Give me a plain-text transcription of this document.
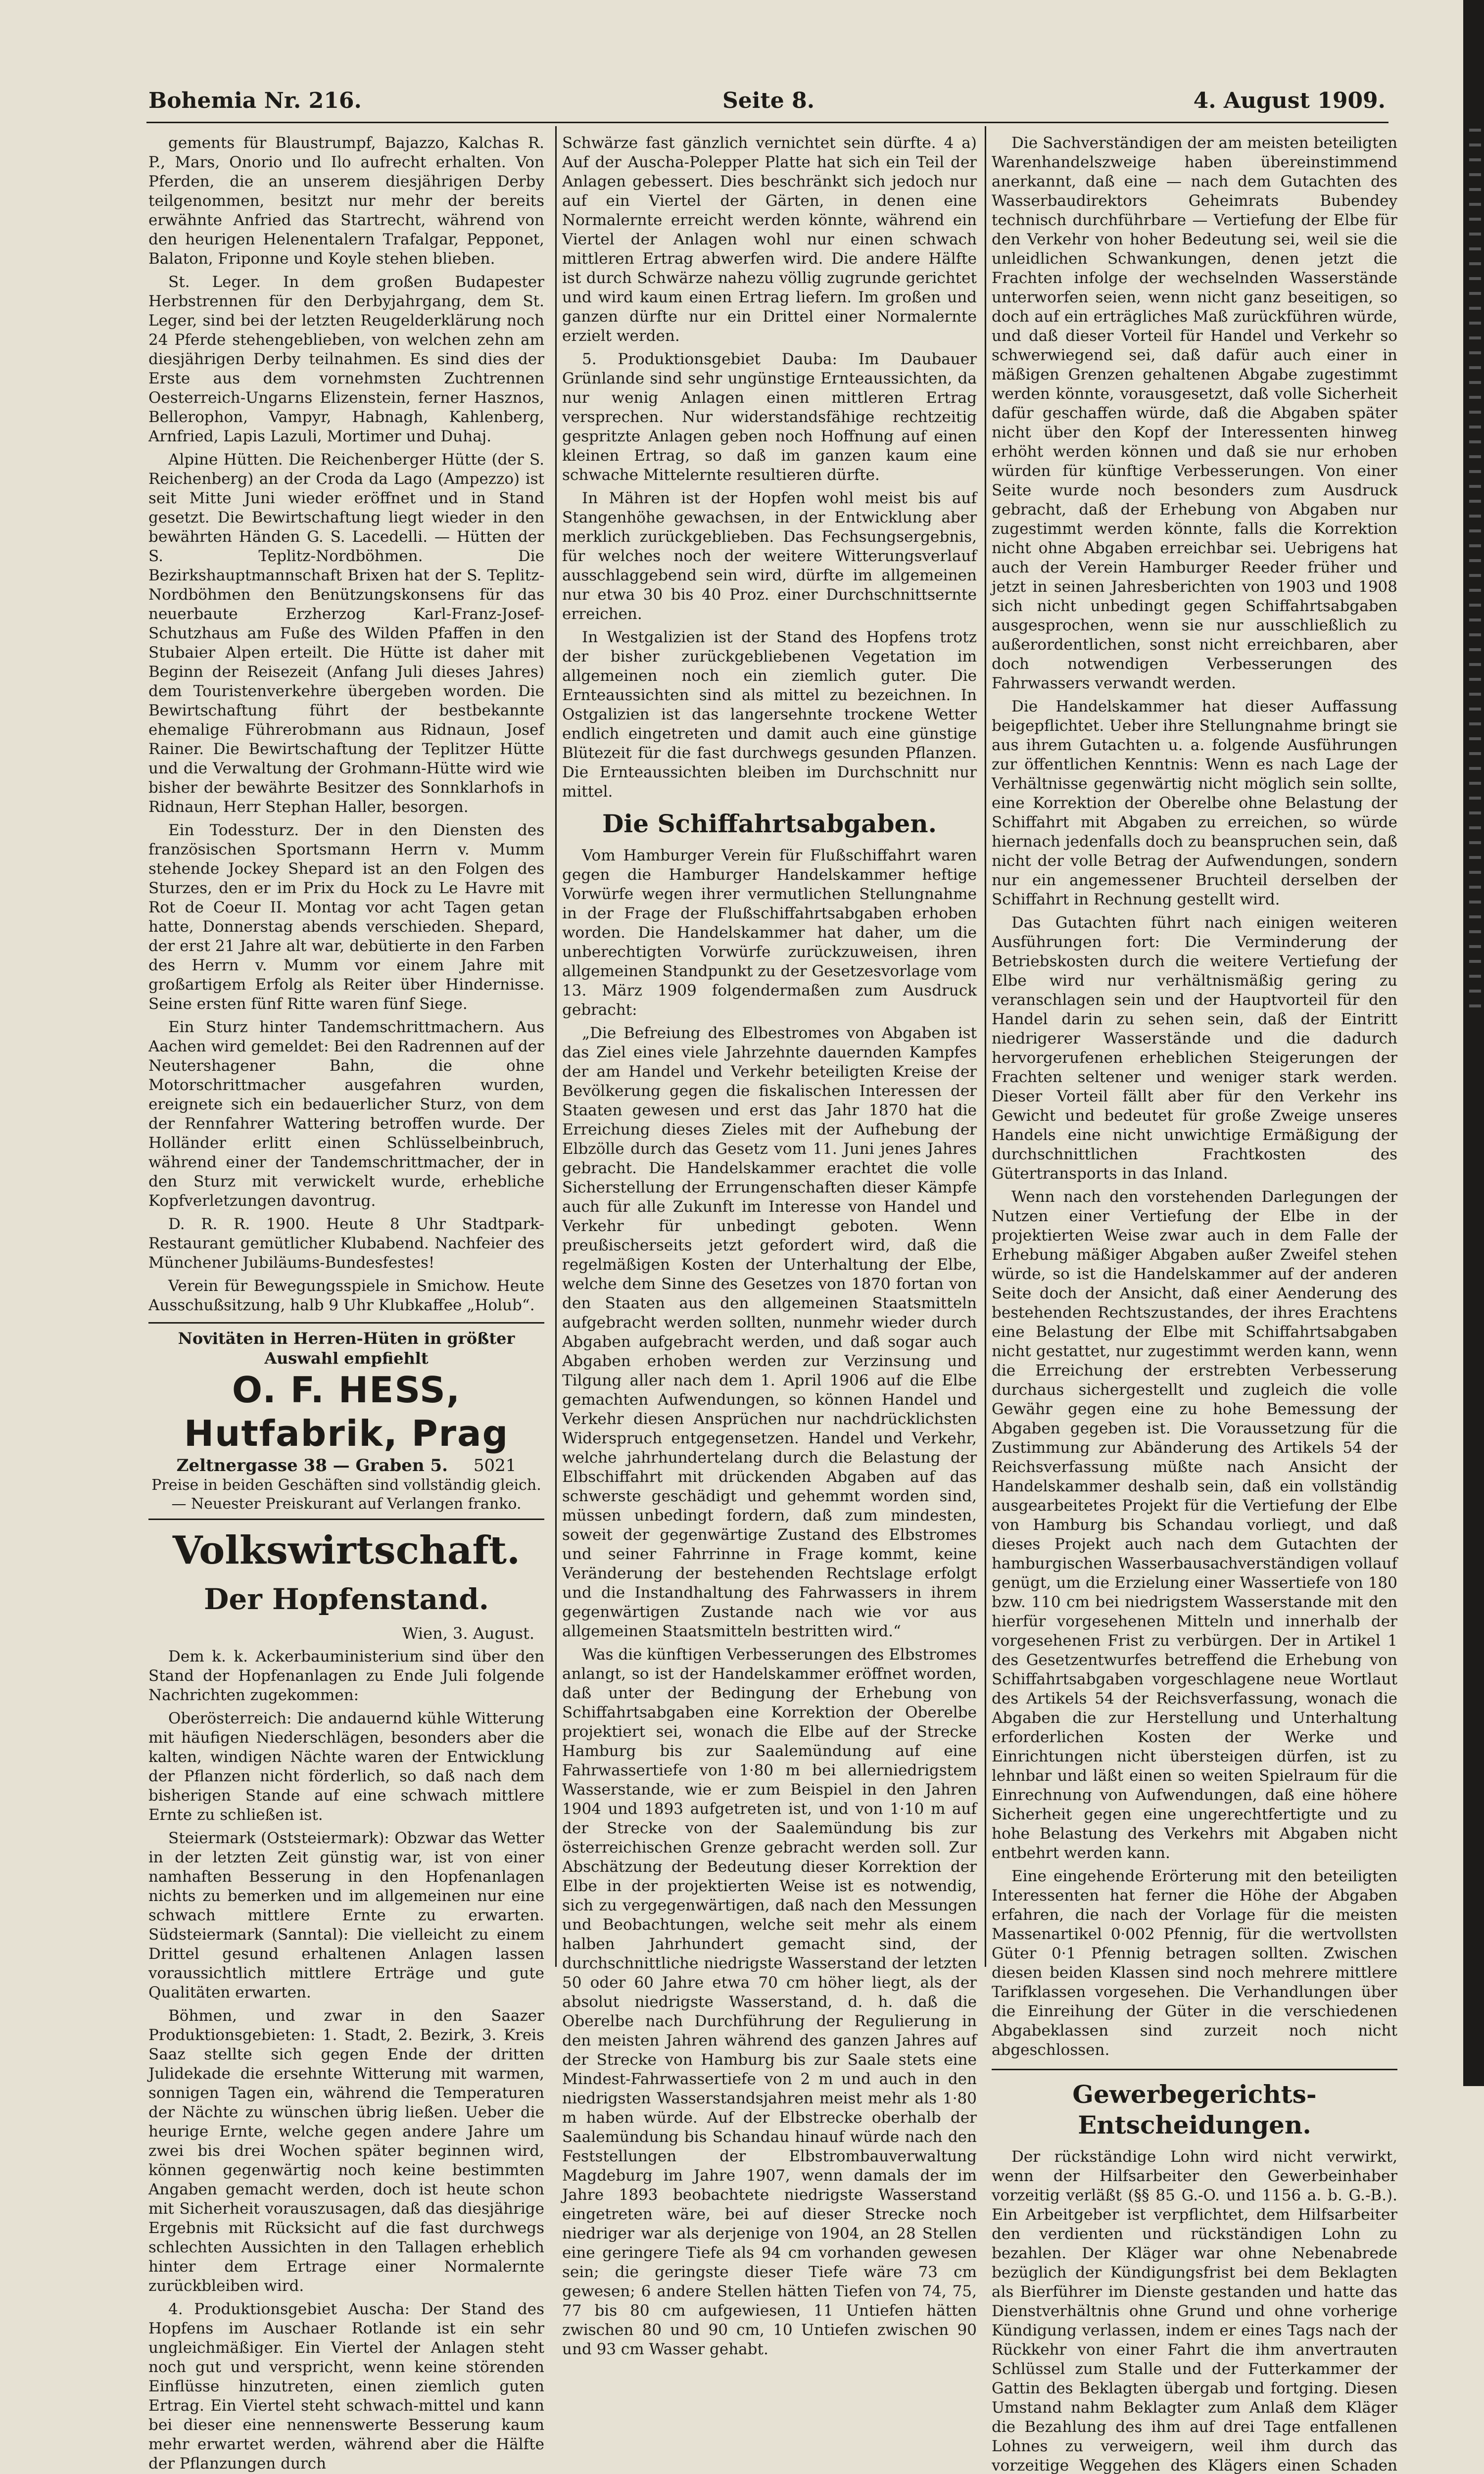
Bohemia Nr. 216.	Seite 8.	4. August 1909.

gements für Blaustrumpf, Bajazzo, Kalchas R. P., Mars, Onorio und Ilo aufrecht erhalten. Von Pferden, die an unserem diesjährigen Derby teilgenommen, besitzt nur mehr der bereits erwähnte Anfried das Startrecht, während von den heurigen Helenentalern Trafalgar, Pepponet, Balaton, Friponne und Koyle stehen blieben.

St. Leger. In dem großen Budapester Herbstrennen für den Derbyjahrgang, dem St. Leger, sind bei der letzten Reugelderklärung noch 24 Pferde stehengeblieben, von welchen zehn am diesjährigen Derby teilnahmen. Es sind dies der Erste aus dem vornehmsten Zuchtrennen Oesterreich-Ungarns Elizenstein, ferner Hasznos, Bellerophon, Vampyr, Habnagh, Kahlenberg, Arnfried, Lapis Lazuli, Mortimer und Duhaj.

Alpine Hütten. Die Reichenberger Hütte (der S. Reichenberg) an der Croda da Lago (Ampezzo) ist seit Mitte Juni wieder eröffnet und in Stand gesetzt. Die Bewirtschaftung liegt wieder in den bewährten Händen G. S. Lacedelli. — Hütten der S. Teplitz-Nordböhmen. Die Bezirkshauptmannschaft Brixen hat der S. Teplitz-Nordböhmen den Benützungskonsens für das neuerbaute Erzherzog Karl-Franz-Josef-Schutzhaus am Fuße des Wilden Pfaffen in den Stubaier Alpen erteilt. Die Hütte ist daher mit Beginn der Reisezeit (Anfang Juli dieses Jahres) dem Touristenverkehre übergeben worden. Die Bewirtschaftung führt der bestbekannte ehemalige Führerobmann aus Ridnaun, Josef Rainer. Die Bewirtschaftung der Teplitzer Hütte und die Verwaltung der Grohmann-Hütte wird wie bisher der bewährte Besitzer des Sonnklarhofs in Ridnaun, Herr Stephan Haller, besorgen.

Ein Todessturz. Der in den Diensten des französischen Sportsmann Herrn v. Mumm stehende Jockey Shepard ist an den Folgen des Sturzes, den er im Prix du Hock zu Le Havre mit Rot de Coeur II. Montag vor acht Tagen getan hatte, Donnerstag abends verschieden. Shepard, der erst 21 Jahre alt war, debütierte in den Farben des Herrn v. Mumm vor einem Jahre mit großartigem Erfolg als Reiter über Hindernisse. Seine ersten fünf Ritte waren fünf Siege.

Ein Sturz hinter Tandemschrittmachern. Aus Aachen wird gemeldet: Bei den Radrennen auf der Neutershagener Bahn, die ohne Motorschrittmacher ausgefahren wurden, ereignete sich ein bedauerlicher Sturz, von dem der Rennfahrer Wattering betroffen wurde. Der Holländer erlitt einen Schlüsselbeinbruch, während einer der Tandemschrittmacher, der in den Sturz mit verwickelt wurde, erhebliche Kopfverletzungen davontrug.

D. R. R. 1900. Heute 8 Uhr Stadtpark-Restaurant gemütlicher Klubabend. Nachfeier des Münchener Jubiläums-Bundesfestes!

Verein für Bewegungsspiele in Smichow. Heute Ausschußsitzung, halb 9 Uhr Klubkaffee „Holub“.

Novitäten in Herren-Hüten in größter Auswahl empfiehlt
O. F. HESS, Hutfabrik, Prag
Zeltnergasse 38 — Graben 5. 5021
Preise in beiden Geschäften sind vollständig gleich. — Neuester Preiskurant auf Verlangen franko.
Volkswirtschaft.
Der Hopfenstand.
Wien, 3. August.

Dem k. k. Ackerbauministerium sind über den Stand der Hopfenanlagen zu Ende Juli folgende Nachrichten zugekommen:

Oberösterreich: Die andauernd kühle Witterung mit häufigen Niederschlägen, besonders aber die kalten, windigen Nächte waren der Entwicklung der Pflanzen nicht förderlich, so daß nach dem bisherigen Stande auf eine schwach mittlere Ernte zu schließen ist.

Steiermark (Oststeiermark): Obzwar das Wetter in der letzten Zeit günstig war, ist von einer namhaften Besserung in den Hopfenanlagen nichts zu bemerken und im allgemeinen nur eine schwach mittlere Ernte zu erwarten. Südsteiermark (Sanntal): Die vielleicht zu einem Drittel gesund erhaltenen Anlagen lassen voraussichtlich mittlere Erträge und gute Qualitäten erwarten.

Böhmen, und zwar in den Saazer Produktionsgebieten: 1. Stadt, 2. Bezirk, 3. Kreis Saaz stellte sich gegen Ende der dritten Julidekade die ersehnte Witterung mit warmen, sonnigen Tagen ein, während die Temperaturen der Nächte zu wünschen übrig ließen. Ueber die heurige Ernte, welche gegen andere Jahre um zwei bis drei Wochen später beginnen wird, können gegenwärtig noch keine bestimmten Angaben gemacht werden, doch ist heute schon mit Sicherheit vorauszusagen, daß das diesjährige Ergebnis mit Rücksicht auf die fast durchwegs schlechten Aussichten in den Tallagen erheblich hinter dem Ertrage einer Normalernte zurückbleiben wird.

4. Produktionsgebiet Auscha: Der Stand des Hopfens im Auschaer Rotlande ist ein sehr ungleichmäßiger. Ein Viertel der Anlagen steht noch gut und verspricht, wenn keine störenden Einflüsse hinzutreten, einen ziemlich guten Ertrag. Ein Viertel steht schwach-mittel und kann bei dieser eine nennenswerte Besserung kaum mehr erwartet werden, während aber die Hälfte der Pflanzungen durch

Schwärze fast gänzlich vernichtet sein dürfte. 4 a) Auf der Auscha-Polepper Platte hat sich ein Teil der Anlagen gebessert. Dies beschränkt sich jedoch nur auf ein Viertel der Gärten, in denen eine Normalernte erreicht werden könnte, während ein Viertel der Anlagen wohl nur einen schwach mittleren Ertrag abwerfen wird. Die andere Hälfte ist durch Schwärze nahezu völlig zugrunde gerichtet und wird kaum einen Ertrag liefern. Im großen und ganzen dürfte nur ein Drittel einer Normalernte erzielt werden.

5. Produktionsgebiet Dauba: Im Daubauer Grünlande sind sehr ungünstige Ernteaussichten, da nur wenig Anlagen einen mittleren Ertrag versprechen. Nur widerstandsfähige rechtzeitig gespritzte Anlagen geben noch Hoffnung auf einen kleinen Ertrag, so daß im ganzen kaum eine schwache Mittelernte resultieren dürfte.

In Mähren ist der Hopfen wohl meist bis auf Stangenhöhe gewachsen, in der Entwicklung aber merklich zurückgeblieben. Das Fechsungsergebnis, für welches noch der weitere Witterungsverlauf ausschlaggebend sein wird, dürfte im allgemeinen nur etwa 30 bis 40 Proz. einer Durchschnittsernte erreichen.

In Westgalizien ist der Stand des Hopfens trotz der bisher zurückgebliebenen Vegetation im allgemeinen noch ein ziemlich guter. Die Ernteaussichten sind als mittel zu bezeichnen. In Ostgalizien ist das langersehnte trockene Wetter endlich eingetreten und damit auch eine günstige Blütezeit für die fast durchwegs gesunden Pflanzen. Die Ernteaussichten bleiben im Durchschnitt nur mittel.

Die Schiffahrtsabgaben.

Vom Hamburger Verein für Flußschiffahrt waren gegen die Hamburger Handelskammer heftige Vorwürfe wegen ihrer vermutlichen Stellungnahme in der Frage der Flußschiffahrtsabgaben erhoben worden. Die Handelskammer hat daher, um die unberechtigten Vorwürfe zurückzuweisen, ihren allgemeinen Standpunkt zu der Gesetzesvorlage vom 13. März 1909 folgendermaßen zum Ausdruck gebracht:

„Die Befreiung des Elbestromes von Abgaben ist das Ziel eines viele Jahrzehnte dauernden Kampfes der am Handel und Verkehr beteiligten Kreise der Bevölkerung gegen die fiskalischen Interessen der Staaten gewesen und erst das Jahr 1870 hat die Erreichung dieses Zieles mit der Aufhebung der Elbzölle durch das Gesetz vom 11. Juni jenes Jahres gebracht. Die Handelskammer erachtet die volle Sicherstellung der Errungenschaften dieser Kämpfe auch für alle Zukunft im Interesse von Handel und Verkehr für unbedingt geboten. Wenn preußischerseits jetzt gefordert wird, daß die regelmäßigen Kosten der Unterhaltung der Elbe, welche dem Sinne des Gesetzes von 1870 fortan von den Staaten aus den allgemeinen Staatsmitteln aufgebracht werden sollten, nunmehr wieder durch Abgaben aufgebracht werden, und daß sogar auch Abgaben erhoben werden zur Verzinsung und Tilgung aller nach dem 1. April 1906 auf die Elbe gemachten Aufwendungen, so können Handel und Verkehr diesen Ansprüchen nur nachdrücklichsten Widerspruch entgegensetzen. Handel und Verkehr, welche jahrhundertelang durch die Belastung der Elbschiffahrt mit drückenden Abgaben auf das schwerste geschädigt und gehemmt worden sind, müssen unbedingt fordern, daß zum mindesten, soweit der gegenwärtige Zustand des Elbstromes und seiner Fahrrinne in Frage kommt, keine Veränderung der bestehenden Rechtslage erfolgt und die Instandhaltung des Fahrwassers in ihrem gegenwärtigen Zustande nach wie vor aus allgemeinen Staatsmitteln bestritten wird.“

Was die künftigen Verbesserungen des Elbstromes anlangt, so ist der Handelskammer eröffnet worden, daß unter der Bedingung der Erhebung von Schiffahrtsabgaben eine Korrektion der Oberelbe projektiert sei, wonach die Elbe auf der Strecke Hamburg bis zur Saalemündung auf eine Fahrwassertiefe von 1·80 m bei allerniedrigstem Wasserstande, wie er zum Beispiel in den Jahren 1904 und 1893 aufgetreten ist, und von 1·10 m auf der Strecke von der Saalemündung bis zur österreichischen Grenze gebracht werden soll. Zur Abschätzung der Bedeutung dieser Korrektion der Elbe in der projektierten Weise ist es notwendig, sich zu vergegenwärtigen, daß nach den Messungen und Beobachtungen, welche seit mehr als einem halben Jahrhundert gemacht sind, der durchschnittliche niedrigste Wasserstand der letzten 50 oder 60 Jahre etwa 70 cm höher liegt, als der absolut niedrigste Wasserstand, d. h. daß die Oberelbe nach Durchführung der Regulierung in den meisten Jahren während des ganzen Jahres auf der Strecke von Hamburg bis zur Saale stets eine Mindest-Fahrwassertiefe von 2 m und auch in den niedrigsten Wasserstandsjahren meist mehr als 1·80 m haben würde. Auf der Elbstrecke oberhalb der Saalemündung bis Schandau hinauf würde nach den Feststellungen der Elbstrombauverwaltung Magdeburg im Jahre 1907, wenn damals der im Jahre 1893 beobachtete niedrigste Wasserstand eingetreten wäre, bei auf dieser Strecke noch niedriger war als derjenige von 1904, an 28 Stellen eine geringere Tiefe als 94 cm vorhanden gewesen sein; die geringste dieser Tiefe wäre 73 cm gewesen; 6 andere Stellen hätten Tiefen von 74, 75, 77 bis 80 cm aufgewiesen, 11 Untiefen hätten zwischen 80 und 90 cm, 10 Untiefen zwischen 90 und 93 cm Wasser gehabt.

Die Sachverständigen der am meisten beteiligten Warenhandelszweige haben übereinstimmend anerkannt, daß eine — nach dem Gutachten des Wasserbaudirektors Geheimrats Bubendey technisch durchführbare — Vertiefung der Elbe für den Verkehr von hoher Bedeutung sei, weil sie die unleidlichen Schwankungen, denen jetzt die Frachten infolge der wechselnden Wasserstände unterworfen seien, wenn nicht ganz beseitigen, so doch auf ein erträgliches Maß zurückführen würde, und daß dieser Vorteil für Handel und Verkehr so schwerwiegend sei, daß dafür auch einer in mäßigen Grenzen gehaltenen Abgabe zugestimmt werden könnte, vorausgesetzt, daß volle Sicherheit dafür geschaffen würde, daß die Abgaben später nicht über den Kopf der Interessenten hinweg erhöht werden können und daß sie nur erhoben würden für künftige Verbesserungen. Von einer Seite wurde noch besonders zum Ausdruck gebracht, daß der Erhebung von Abgaben nur zugestimmt werden könnte, falls die Korrektion nicht ohne Abgaben erreichbar sei. Uebrigens hat auch der Verein Hamburger Reeder früher und jetzt in seinen Jahresberichten von 1903 und 1908 sich nicht unbedingt gegen Schiffahrtsabgaben ausgesprochen, wenn sie nur ausschließlich zu außerordentlichen, sonst nicht erreichbaren, aber doch notwendigen Verbesserungen des Fahrwassers verwandt werden.

Die Handelskammer hat dieser Auffassung beigepflichtet. Ueber ihre Stellungnahme bringt sie aus ihrem Gutachten u. a. folgende Ausführungen zur öffentlichen Kenntnis: Wenn es nach Lage der Verhältnisse gegenwärtig nicht möglich sein sollte, eine Korrektion der Oberelbe ohne Belastung der Schiffahrt mit Abgaben zu erreichen, so würde hiernach jedenfalls doch zu beanspruchen sein, daß nicht der volle Betrag der Aufwendungen, sondern nur ein angemessener Bruchteil derselben der Schiffahrt in Rechnung gestellt wird.

Das Gutachten führt nach einigen weiteren Ausführungen fort: Die Verminderung der Betriebskosten durch die weitere Vertiefung der Elbe wird nur verhältnismäßig gering zu veranschlagen sein und der Hauptvorteil für den Handel darin zu sehen sein, daß der Eintritt niedrigerer Wasserstände und die dadurch hervorgerufenen erheblichen Steigerungen der Frachten seltener und weniger stark werden. Dieser Vorteil fällt aber für den Verkehr ins Gewicht und bedeutet für große Zweige unseres Handels eine nicht unwichtige Ermäßigung der durchschnittlichen Frachtkosten des Gütertransports in das Inland.

Wenn nach den vorstehenden Darlegungen der Nutzen einer Vertiefung der Elbe in der projektierten Weise zwar auch in dem Falle der Erhebung mäßiger Abgaben außer Zweifel stehen würde, so ist die Handelskammer auf der anderen Seite doch der Ansicht, daß einer Aenderung des bestehenden Rechtszustandes, der ihres Erachtens eine Belastung der Elbe mit Schiffahrtsabgaben nicht gestattet, nur zugestimmt werden kann, wenn die Erreichung der erstrebten Verbesserung durchaus sichergestellt und zugleich die volle Gewähr gegen eine zu hohe Bemessung der Abgaben gegeben ist. Die Voraussetzung für die Zustimmung zur Abänderung des Artikels 54 der Reichsverfassung müßte nach Ansicht der Handelskammer deshalb sein, daß ein vollständig ausgearbeitetes Projekt für die Vertiefung der Elbe von Hamburg bis Schandau vorliegt, und daß dieses Projekt auch nach dem Gutachten der hamburgischen Wasserbausachverständigen vollauf genügt, um die Erzielung einer Wassertiefe von 180 bzw. 110 cm bei niedrigstem Wasserstande mit den hierfür vorgesehenen Mitteln und innerhalb der vorgesehenen Frist zu verbürgen. Der in Artikel 1 des Gesetzentwurfes betreffend die Erhebung von Schiffahrtsabgaben vorgeschlagene neue Wortlaut des Artikels 54 der Reichsverfassung, wonach die Abgaben die zur Herstellung und Unterhaltung erforderlichen Kosten der Werke und Einrichtungen nicht übersteigen dürfen, ist zu lehnbar und läßt einen so weiten Spielraum für die Einrechnung von Aufwendungen, daß eine höhere Sicherheit gegen eine ungerechtfertigte und zu hohe Belastung des Verkehrs mit Abgaben nicht entbehrt werden kann.

Eine eingehende Erörterung mit den beteiligten Interessenten hat ferner die Höhe der Abgaben erfahren, die nach der Vorlage für die meisten Massenartikel 0·002 Pfennig, für die wertvollsten Güter 0·1 Pfennig betragen sollten. Zwischen diesen beiden Klassen sind noch mehrere mittlere Tarifklassen vorgesehen. Die Verhandlungen über die Einreihung der Güter in die verschiedenen Abgabeklassen sind zurzeit noch nicht abgeschlossen.

Gewerbegerichts-Entscheidungen.

Der rückständige Lohn wird nicht verwirkt, wenn der Hilfsarbeiter den Gewerbeinhaber vorzeitig verläßt (§§ 85 G.-O. und 1156 a. b. G.-B.). Ein Arbeitgeber ist verpflichtet, dem Hilfsarbeiter den verdienten und rückständigen Lohn zu bezahlen. Der Kläger war ohne Nebenabrede bezüglich der Kündigungsfrist bei dem Beklagten als Bierführer im Dienste gestanden und hatte das Dienstverhältnis ohne Grund und ohne vorherige Kündigung verlassen, indem er eines Tags nach der Rückkehr von einer Fahrt die ihm anvertrauten Schlüssel zum Stalle und der Futterkammer der Gattin des Beklagten übergab und fortging. Diesen Umstand nahm Beklagter zum Anlaß dem Kläger die Bezahlung des ihm auf drei Tage entfallenen Lohnes zu verweigern, weil ihm durch das vorzeitige Weggehen des Klägers einen Schaden
